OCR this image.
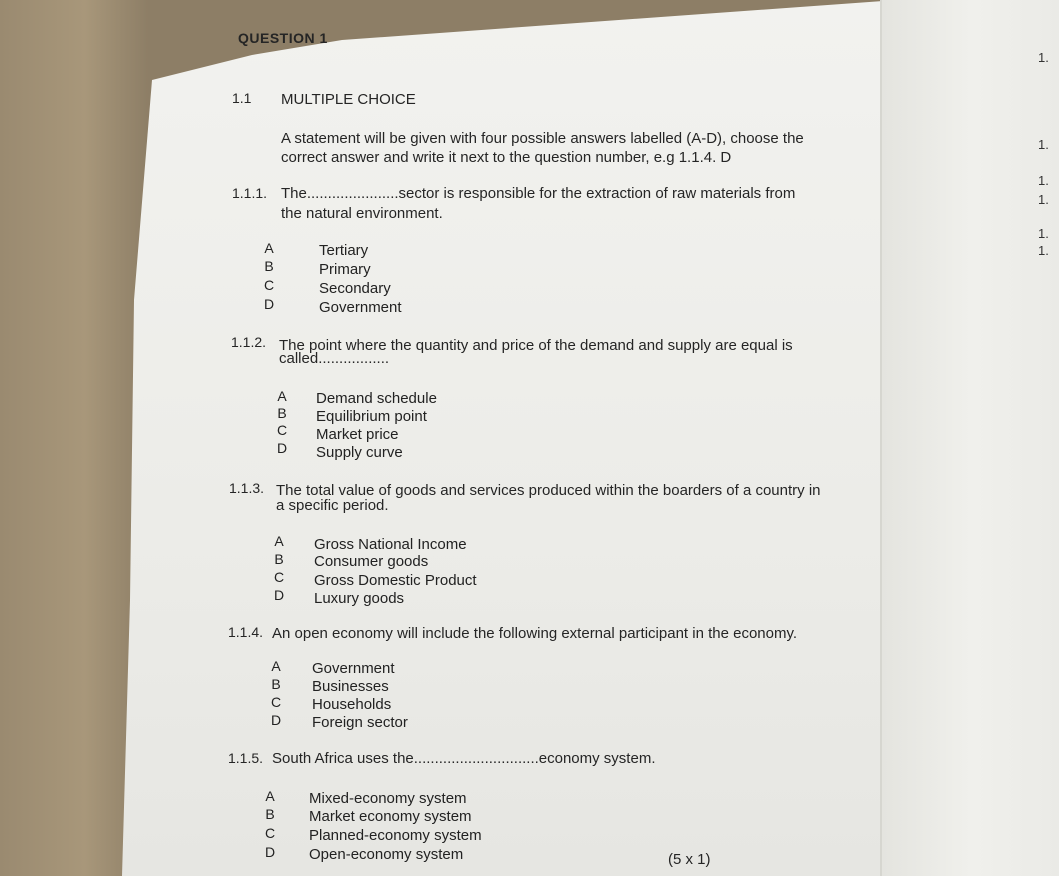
QUESTION 1
1.1 MULTIPLE CHOICE
A statement will be given with four possible answers labelled (A-D), choose the
correct answer and write it next to the question number, e.g 1.1.4. D
1.1.1. The......................sector is responsible for the extraction of raw materials from
the natural environment.
A	Tertiary
B	Primary
C	Secondary
D	Government
1.1.2. The point where the quantity and price of the demand and supply are equal is
called.................
A	Demand schedule
B	Equilibrium point
C	Market price
D	Supply curve
1.1.3. The total value of goods and services produced within the boarders of a country in
a specific period.
A	Gross National Income
B	Consumer goods
C	Gross Domestic Product
D	Luxury goods
1.1.4. An open economy will include the following external participant in the economy.
A	Government
B	Businesses
C	Households
D	Foreign sector
1.1.5. South Africa uses the..............................economy system.
A	Mixed-economy system
B	Market economy system
C	Planned-economy system
D	Open-economy system	(5 x 1)
1.
1.
1.
1.
1.
1.
